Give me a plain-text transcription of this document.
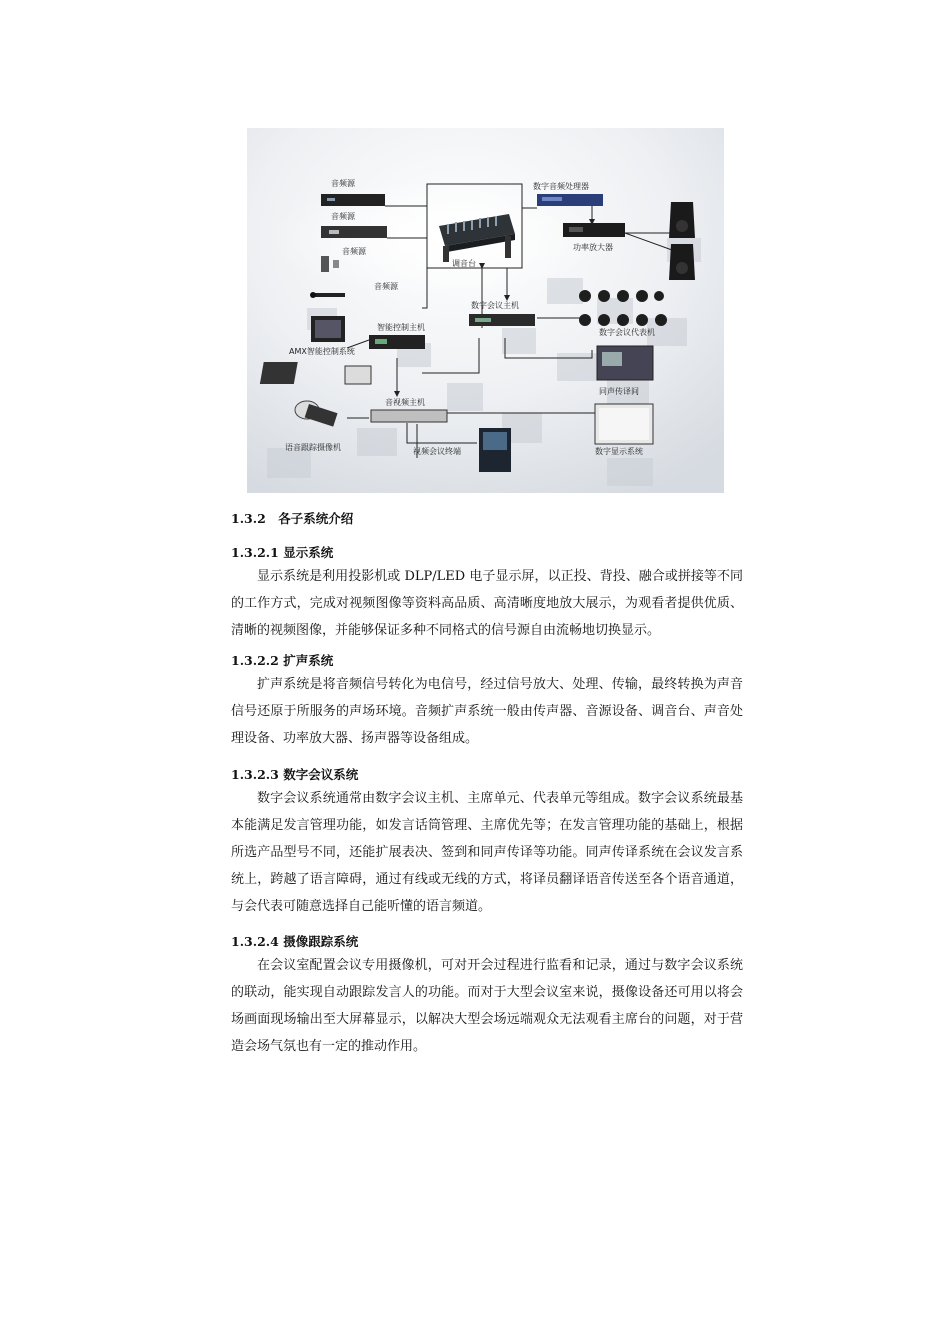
音频源
音频源
音频源
音频源
调音台
数字音频处理器
功率放大器
数字会议主机
数字会议代表机
智能控制主机
AMX智能控制系统
同声传译间
音视频主机
语音跟踪摄像机	视频会议终端	数字显示系统

1.3.2　各子系统介绍

1.3.2.1 显示系统

显示系统是利用投影机或 DLP/LED 电子显示屏，以正投、背投、融合或拼接等不同的工作方式，完成对视频图像等资料高品质、高清晰度地放大展示，为观看者提供优质、清晰的视频图像，并能够保证多种不同格式的信号源自由流畅地切换显示。

1.3.2.2 扩声系统

扩声系统是将音频信号转化为电信号，经过信号放大、处理、传输，最终转换为声音信号还原于所服务的声场环境。音频扩声系统一般由传声器、音源设备、调音台、声音处理设备、功率放大器、扬声器等设备组成。

1.3.2.3 数字会议系统

数字会议系统通常由数字会议主机、主席单元、代表单元等组成。数字会议系统最基本能满足发言管理功能，如发言话筒管理、主席优先等；在发言管理功能的基础上，根据所选产品型号不同，还能扩展表决、签到和同声传译等功能。同声传译系统在会议发言系统上，跨越了语言障碍，通过有线或无线的方式，将译员翻译语音传送至各个语音通道，与会代表可随意选择自己能听懂的语言频道。

1.3.2.4 摄像跟踪系统

在会议室配置会议专用摄像机，可对开会过程进行监看和记录，通过与数字会议系统的联动，能实现自动跟踪发言人的功能。而对于大型会议室来说，摄像设备还可用以将会场画面现场输出至大屏幕显示，以解决大型会场远端观众无法观看主席台的问题，对于营造会场气氛也有一定的推动作用。
